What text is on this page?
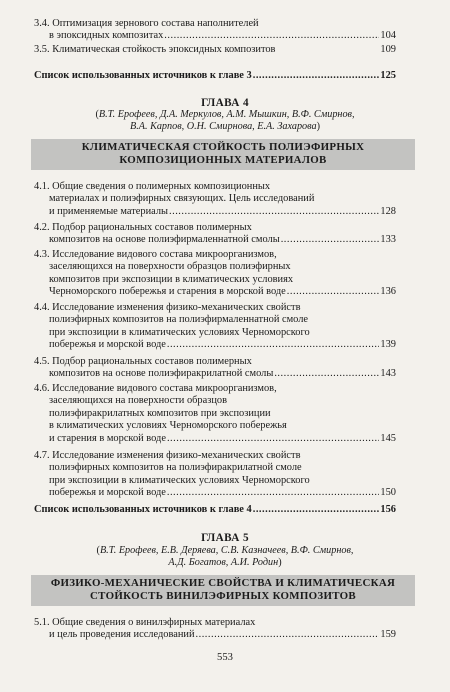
3.4. Оптимизация зернового состава наполнителей
в эпоксидных композитах .....	104
3.5. Климатическая стойкость эпоксидных композитов	109
Список использованных источников к главе 3 .....	125
ГЛАВА 4
(В.Т. Ерофеев, Д.А. Меркулов, А.М. Мышкин, В.Ф. Смирнов,
В.А. Карпов, О.Н. Смирнова, Е.А. Захарова)
КЛИМАТИЧЕСКАЯ СТОЙКОСТЬ ПОЛИЭФИРНЫХ
КОМПОЗИЦИОННЫХ МАТЕРИАЛОВ
4.1. Общие сведения о полимерных композиционных
материалах и полиэфирных связующих. Цель исследований
и применяемые материалы .....	128
4.2. Подбор рациональных составов полимерных
композитов на основе полиэфирмаленнатной смолы .....	133
4.3. Исследование видового состава микроорганизмов,
заселяющихся на поверхности образцов полиэфирных
композитов при экспозиции в климатических условиях
Черноморского побережья и старения в морской воде .....	136
4.4. Исследование изменения физико-механических свойств
полиэфирных композитов на полиэфирмаленнатной смоле
при экспозиции в климатических условиях Черноморского
побережья и морской воде .....	139
4.5. Подбор рациональных составов полимерных
композитов на основе полиэфиракрилатной смолы .....	143
4.6. Исследование видового состава микроорганизмов,
заселяющихся на поверхности образцов
полиэфиракрилатных композитов при экспозиции
в климатических условиях Черноморского побережья
и старения в морской воде .....	145
4.7. Исследование изменения физико-механических свойств
полиэфирных композитов на полиэфиракрилатной смоле
при экспозиции в климатических условиях Черноморского
побережья и морской воде .....	150
Список использованных источников к главе 4 .....	156
ГЛАВА 5
(В.Т. Ерофеев, Е.В. Деряева, С.В. Казначеев, В.Ф. Смирнов,
А.Д. Богатов, А.И. Родин)
ФИЗИКО-МЕХАНИЧЕСКИЕ СВОЙСТВА И КЛИМАТИЧЕСКАЯ
СТОЙКОСТЬ ВИНИЛЭФИРНЫХ КОМПОЗИТОВ
5.1. Общие сведения о винилэфирных материалах
и цель проведения исследований .....	159
553
